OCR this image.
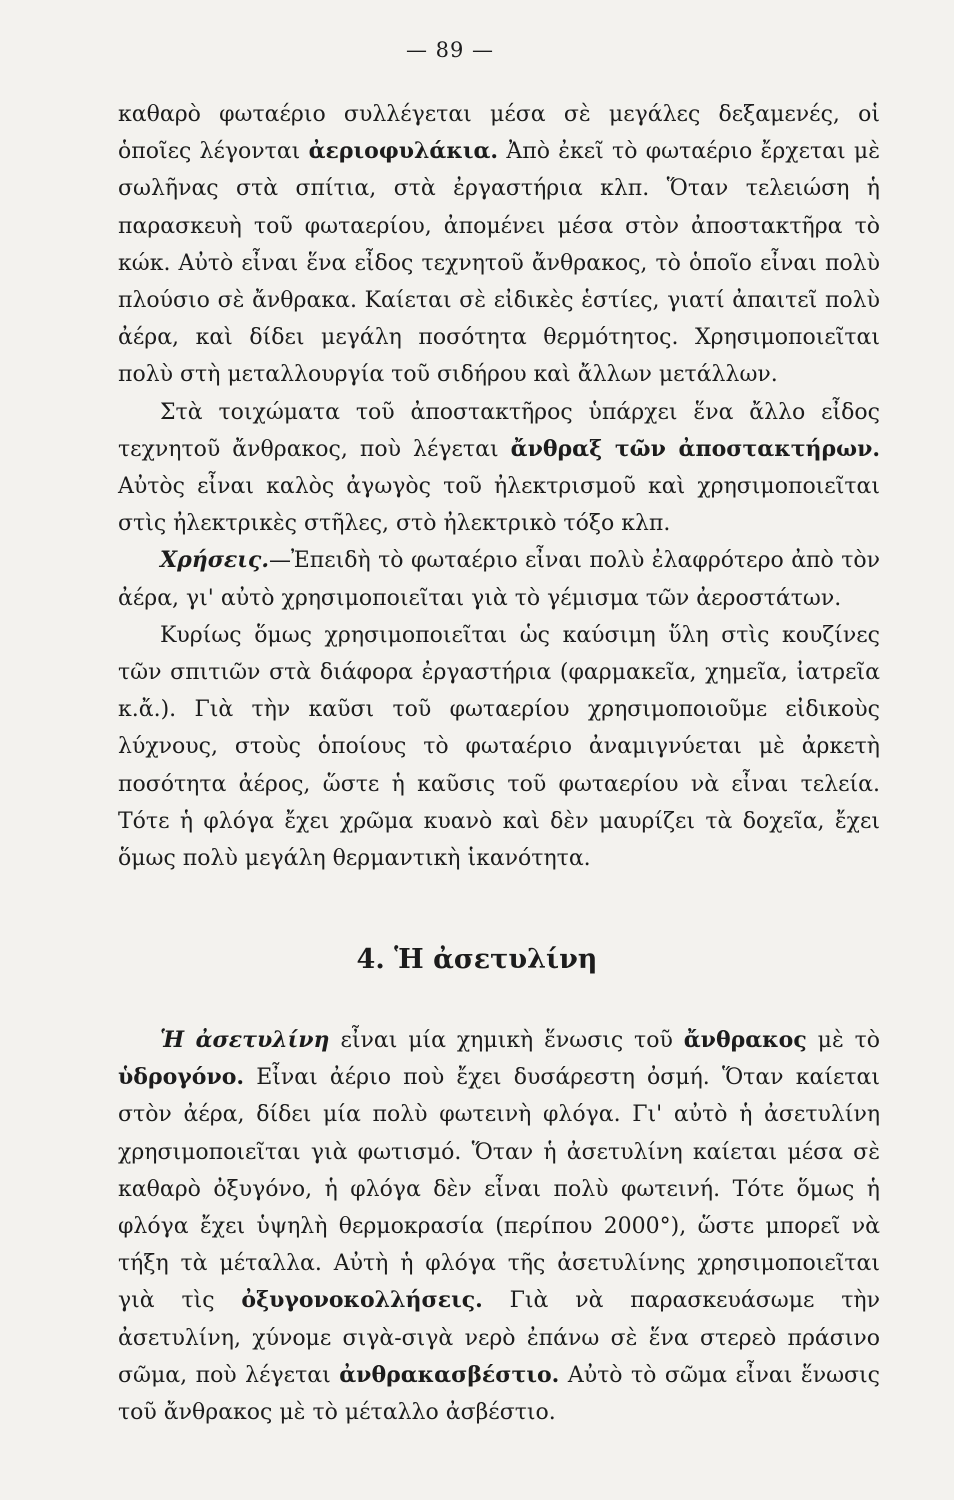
— 89 —

καθαρὸ φωταέριο συλλέγεται μέσα σὲ μεγάλες δεξαμενές, οἱ ὁποῖες λέγονται ἀεριοφυλάκια. Ἀπὸ ἐκεῖ τὸ φωταέριο ἔρχεται μὲ σωλῆνας στὰ σπίτια, στὰ ἐργαστήρια κλπ. Ὅταν τελειώση ἡ παρασκευὴ τοῦ φωταερίου, ἀπομένει μέσα στὸν ἀποστακτῆρα τὸ κώκ. Αὐτὸ εἶναι ἕνα εἶδος τεχνητοῦ ἄνθρακος, τὸ ὁποῖο εἶναι πολὺ πλούσιο σὲ ἄνθρακα. Καίεται σὲ εἰδικὲς ἑστίες, γιατί ἀπαιτεῖ πολὺ ἀέρα, καὶ δίδει μεγάλη ποσότητα θερμότητος. Χρησιμοποιεῖται πολὺ στὴ μεταλλουργία τοῦ σιδήρου καὶ ἄλλων μετάλλων.

Στὰ τοιχώματα τοῦ ἀποστακτῆρος ὑπάρχει ἕνα ἄλλο εἶδος τεχνητοῦ ἄνθρακος, ποὺ λέγεται ἄνθραξ τῶν ἀποστακτήρων. Αὐτὸς εἶναι καλὸς ἀγωγὸς τοῦ ἠλεκτρισμοῦ καὶ χρησιμοποιεῖται στὶς ἠλεκτρικὲς στῆλες, στὸ ἠλεκτρικὸ τόξο κλπ.

Χρήσεις.—Ἐπειδὴ τὸ φωταέριο εἶναι πολὺ ἐλαφρότερο ἀπὸ τὸν ἀέρα, γι' αὐτὸ χρησιμοποιεῖται γιὰ τὸ γέμισμα τῶν ἀεροστάτων.

Κυρίως ὅμως χρησιμοποιεῖται ὡς καύσιμη ὕλη στὶς κουζίνες τῶν σπιτιῶν στὰ διάφορα ἐργαστήρια (φαρμακεῖα, χημεῖα, ἰατρεῖα κ.ἄ.). Γιὰ τὴν καῦσι τοῦ φωταερίου χρησιμοποιοῦμε εἰδικοὺς λύχνους, στοὺς ὁποίους τὸ φωταέριο ἀναμιγνύεται μὲ ἀρκετὴ ποσότητα ἀέρος, ὥστε ἡ καῦσις τοῦ φωταερίου νὰ εἶναι τελεία. Τότε ἡ φλόγα ἔχει χρῶμα κυανὸ καὶ δὲν μαυρίζει τὰ δοχεῖα, ἔχει ὅμως πολὺ μεγάλη θερμαντικὴ ἱκανότητα.

4. Ἡ ἀσετυλίνη

Ἡ ἀσετυλίνη εἶναι μία χημικὴ ἕνωσις τοῦ ἄνθρακος μὲ τὸ ὑδρογόνο. Εἶναι ἀέριο ποὺ ἔχει δυσάρεστη ὀσμή. Ὅταν καίεται στὸν ἀέρα, δίδει μία πολὺ φωτεινὴ φλόγα. Γι' αὐτὸ ἡ ἀσετυλίνη χρησιμοποιεῖται γιὰ φωτισμό. Ὅταν ἡ ἀσετυλίνη καίεται μέσα σὲ καθαρὸ ὀξυγόνο, ἡ φλόγα δὲν εἶναι πολὺ φωτεινή. Τότε ὅμως ἡ φλόγα ἔχει ὑψηλὴ θερμοκρασία (περίπου 2000°), ὥστε μπορεῖ νὰ τήξη τὰ μέταλλα. Αὐτὴ ἡ φλόγα τῆς ἀσετυλίνης χρησιμοποιεῖται γιὰ τὶς ὀξυγονοκολλήσεις. Γιὰ νὰ παρασκευάσωμε τὴν ἀσετυλίνη, χύνομε σιγὰ-σιγὰ νερὸ ἐπάνω σὲ ἕνα στερεὸ πράσινο σῶμα, ποὺ λέγεται ἀνθρακασβέστιο. Αὐτὸ τὸ σῶμα εἶναι ἕνωσις τοῦ ἄνθρακος μὲ τὸ μέταλλο ἀσβέστιο.
